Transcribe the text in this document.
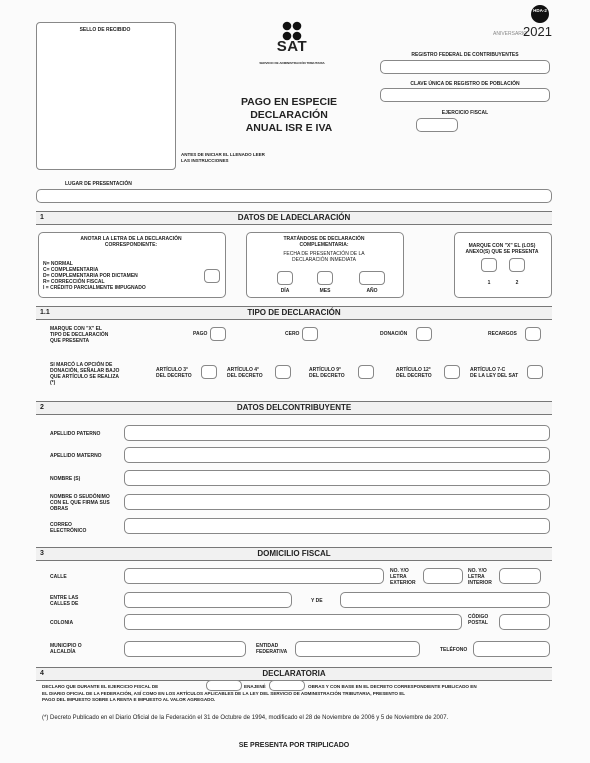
SELLO DE RECIBIDO
SAT
SERVICIO DE ADMINISTRACIÓN TRIBUTARIA
HDA-2
ANIVERSARIO
2021
REGISTRO FEDERAL DE CONTRIBUYENTES
CLAVE ÚNICA DE REGISTRO DE POBLACIÓN
EJERCICIO FISCAL
PAGO EN ESPECIE
DECLARACIÓN
ANUAL ISR E IVA
ANTES DE INICIAR EL LLENADO LEER
LAS INSTRUCCIONES
LUGAR DE PRESENTACIÓN
1	DATOS DE LADECLARACIÓN
ANOTAR LA LETRA DE LA DECLARACIÓN
CORRESPONDIENTE:
N= NORMAL
C= COMPLEMENTARIA
D= COMPLEMENTARIA POR DICTAMEN
R= CORRECCIÓN FISCAL
I = CRÉDITO PARCIALMENTE IMPUGNADO
TRATÁNDOSE DE DECLARACIÓN
COMPLEMENTARIA:
FECHA DE PRESENTACIÓN DE LA
DECLARACIÓN INMEDIATA
DÍA	MES	AÑO
MARQUE CON "X" EL (LOS)
ANEXO(S) QUE SE PRESENTA
1	2
1.1	TIPO DE DECLARACIÓN
MARQUE CON "X" EL
TIPO DE DECLARACIÓN
QUE PRESENTA
PAGO	CERO	DONACIÓN	RECARGOS
SI MARCÓ LA OPCIÓN DE
DONACIÓN, SEÑALAR BAJO
QUE ARTÍCULO SE REALIZA
(*)
ARTÍCULO 3°
DEL DECRETO
ARTÍCULO 4°
DEL DECRETO
ARTÍCULO 9°
DEL DECRETO
ARTÍCULO 12°
DEL DECRETO
ARTÍCULO 7-C
DE LA LEY DEL SAT
2	DATOS DELCONTRIBUYENTE
APELLIDO PATERNO
APELLIDO MATERNO
NOMBRE (S)
NOMBRE O SEUDÓNIMO
CON EL QUE FIRMA SUS
OBRAS
CORREO
ELECTRÓNICO
3	DOMICILIO FISCAL
CALLE
NO. Y/O
LETRA
EXTERIOR
NO. Y/O
LETRA
INTERIOR
ENTRE LAS
CALLES DE	Y DE
COLONIA
CÓDIGO
POSTAL
MUNICIPIO O
ALCALDÍA
ENTIDAD
FEDERATIVA	TELÉFONO
4	DECLARATORIA
DECLARO QUE DURANTE EL EJERCICIO FISCAL DE	ENAJENÉ	OBRAS Y CON BASE EN EL DECRETO CORRESPONDIENTE PUBLICADO EN
EL DIARIO OFICIAL DE LA FEDERACIÓN, ASÍ COMO EN LOS ARTÍCULOS APLICABLES DE LA LEY DEL SERVICIO DE ADMINISTRACIÓN TRIBUTARIA, PRESENTO EL
PAGO DEL IMPUESTO SOBRE LA RENTA E IMPUESTO AL VALOR AGREGADO.
(*) Decreto Publicado en el Diario Oficial de la Federación el 31 de Octubre de 1994, modificado el 28 de Noviembre de 2006 y 5 de Noviembre de 2007.
SE PRESENTA POR TRIPLICADO
